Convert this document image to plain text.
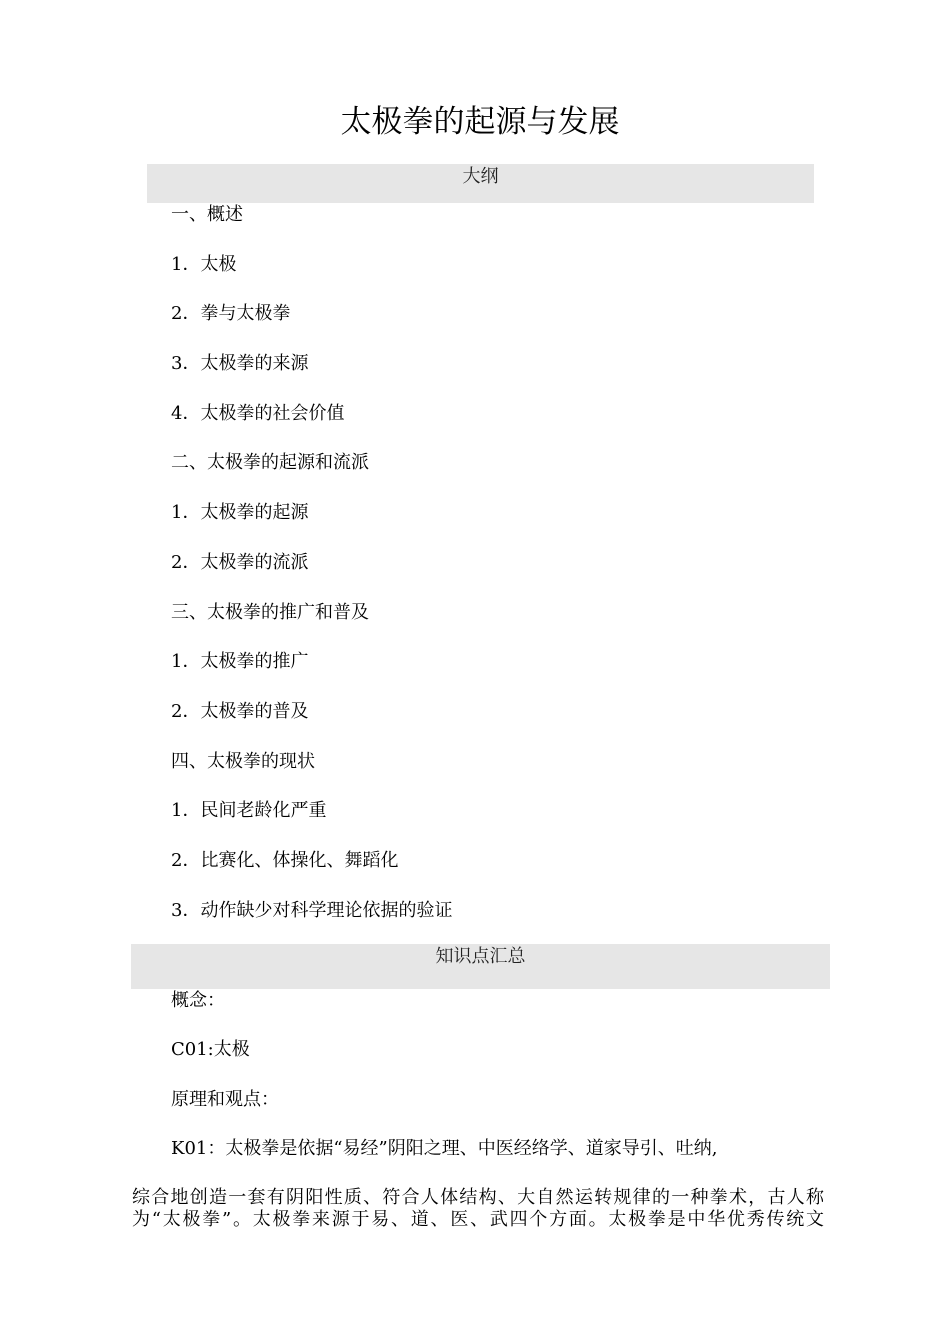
太极拳的起源与发展
大纲
一、概述
1．太极
2．拳与太极拳
3．太极拳的来源
4．太极拳的社会价值
二、太极拳的起源和流派
1．太极拳的起源
2．太极拳的流派
三、太极拳的推广和普及
1．太极拳的推广
2．太极拳的普及
四、太极拳的现状
1．民间老龄化严重
2．比赛化、体操化、舞蹈化
3．动作缺少对科学理论依据的验证
知识点汇总
概念：
C01:太极
原理和观点：
K01：太极拳是依据“易经”阴阳之理、中医经络学、道家导引、吐纳,
综合地创造一套有阴阳性质、符合人体结构、大自然运转规律的一种拳术，古人称
为“太极拳”。太极拳来源于易、道、医、武四个方面。太极拳是中华优秀传统文
